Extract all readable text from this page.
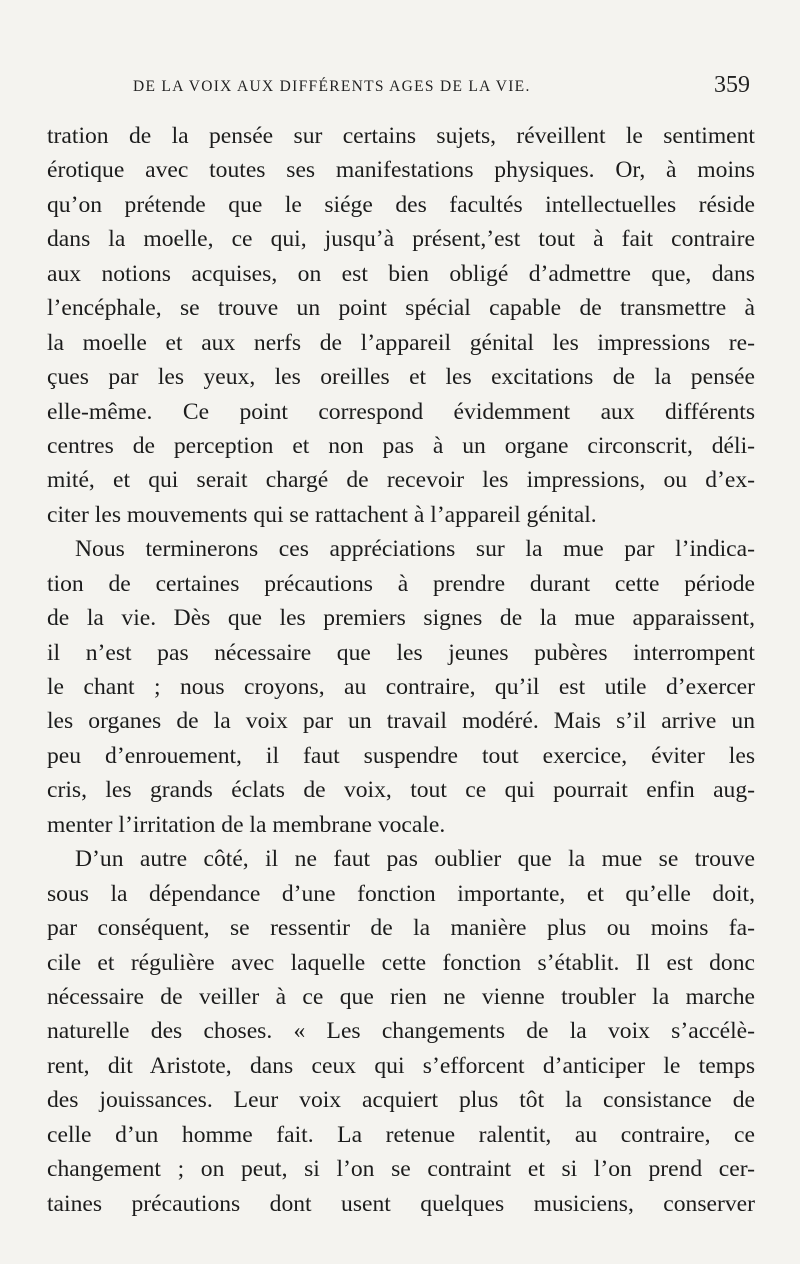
DE LA VOIX AUX DIFFÉRENTS AGES DE LA VIE.	359
tration de la pensée sur certains sujets, réveillent le sentiment
érotique avec toutes ses manifestations physiques. Or, à moins
qu’on prétende que le siége des facultés intellectuelles réside
dans la moelle, ce qui, jusqu’à présent,’est tout à fait contraire
aux notions acquises, on est bien obligé d’admettre que, dans
l’encéphale, se trouve un point spécial capable de transmettre à
la moelle et aux nerfs de l’appareil génital les impressions re-
çues par les yeux, les oreilles et les excitations de la pensée
elle-même. Ce point correspond évidemment aux différents
centres de perception et non pas à un organe circonscrit, déli-
mité, et qui serait chargé de recevoir les impressions, ou d’ex-
citer les mouvements qui se rattachent à l’appareil génital.
Nous terminerons ces appréciations sur la mue par l’indica-
tion de certaines précautions à prendre durant cette période
de la vie. Dès que les premiers signes de la mue apparaissent,
il n’est pas nécessaire que les jeunes pubères interrompent
le chant ; nous croyons, au contraire, qu’il est utile d’exercer
les organes de la voix par un travail modéré. Mais s’il arrive un
peu d’enrouement, il faut suspendre tout exercice, éviter les
cris, les grands éclats de voix, tout ce qui pourrait enfin aug-
menter l’irritation de la membrane vocale.
D’un autre côté, il ne faut pas oublier que la mue se trouve
sous la dépendance d’une fonction importante, et qu’elle doit,
par conséquent, se ressentir de la manière plus ou moins fa-
cile et régulière avec laquelle cette fonction s’établit. Il est donc
nécessaire de veiller à ce que rien ne vienne troubler la marche
naturelle des choses. « Les changements de la voix s’accélè-
rent, dit Aristote, dans ceux qui s’efforcent d’anticiper le temps
des jouissances. Leur voix acquiert plus tôt la consistance de
celle d’un homme fait. La retenue ralentit, au contraire, ce
changement ; on peut, si l’on se contraint et si l’on prend cer-
taines précautions dont usent quelques musiciens, conserver
